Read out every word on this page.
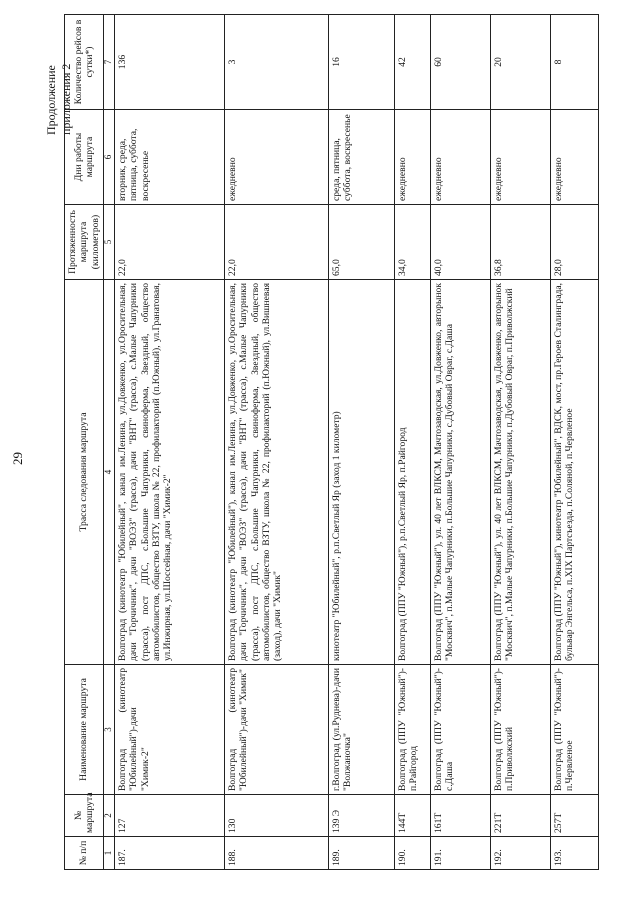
29
Продолжение приложения 2
№ п/п	№ маршрута	Наименование маршрута	Трасса следования маршрута	Протяженность маршрута (километров)	Дни работы маршрута	Количество рейсов в сутки*)
1	2	3	4	5	6	7
187.	127	Волгоград (кинотеатр "Юбилейный")-дачи "Химик-2"	Волгоград (кинотеатр "Юбилейный", канал им.Ленина, ул.Довженко, ул.Оросительная, дачи "Горчичник", дачи "ВОЭЗ" (трасса), дачи "ВНТ" (трасса), с.Малые Чапурники (трасса), пост ДПС, с.Большие Чапурники, свиноферма, Звездный, общество автомобилистов, общество ВЗТУ, школа № 22, профилакторий (п.Южный), ул.Гранатовая, ул.Инжирная, ул.Шоссейная, дачи "Химик-2"	22,0	вторник, среда, пятница, суббота, воскресенье	136
188.	130	Волгоград (кинотеатр "Юбилейный")-дачи "Химик"	Волгоград (кинотеатр "Юбилейный"), канал им.Ленина, ул.Довженко, ул.Оросительная, дачи "Горчичник", дачи "ВОЭЗ" (трасса), дачи "ВНТ" (трасса), с.Малые Чапурники (трасса), пост ДПС, с.Большие Чапурники, свиноферма, Звездный, общество автомобилистов, общество ВЗТУ, школа № 22, профилакторий (п.Южный), ул.Вишневая (заход), дачи "Химик"	22,0	ежедневно	3
189.	139 Э	г.Волгоград (ул.Руднева)-дачи "Волжаночка"	кинотеатр "Юбилейный", р.п.Светлый Яр (заход 1 километр)	65,0	среда, пятница, суббота, воскресенье	16
190.	144Т	Волгоград (ППУ "Южный")-п.Райгород	Волгоград (ППУ "Южный"), р.п.Светлый Яр, п.Райгород	34,0	ежедневно	42
191.	161Т	Волгоград (ППУ "Южный")-с.Дашa	Волгоград (ППУ "Южный"), ул. 40 лет ВЛКСМ, Мачтозаводская, ул.Довженко, авторынок "Москвич", п.Малые Чапурники, п.Большие Чапурники, с.Дубовый Овраг, с.Даша	40,0	ежедневно	60
192.	221Т	Волгоград (ППУ "Южный")-п.Приволжский	Волгоград (ППУ "Южный"), ул. 40 лет ВЛКСМ, Мачтозаводская, ул.Довженко, авторынок "Москвич", п.Малые Чапурники, п.Большие Чапурники, п.Дубовый Овраг, п.Приволжский	36,8	ежедневно	20
193.	257Т	Волгоград (ППУ "Южный")-п.Червленое	Волгоград (ППУ "Южный"), кинотеатр "Юбилейный", ВДСК, мост, пр.Героев Сталинграда, бульвар Энгельса, п.XIX Партсъезда, п.Соляной, п.Червленое	28,0	ежедневно	8
